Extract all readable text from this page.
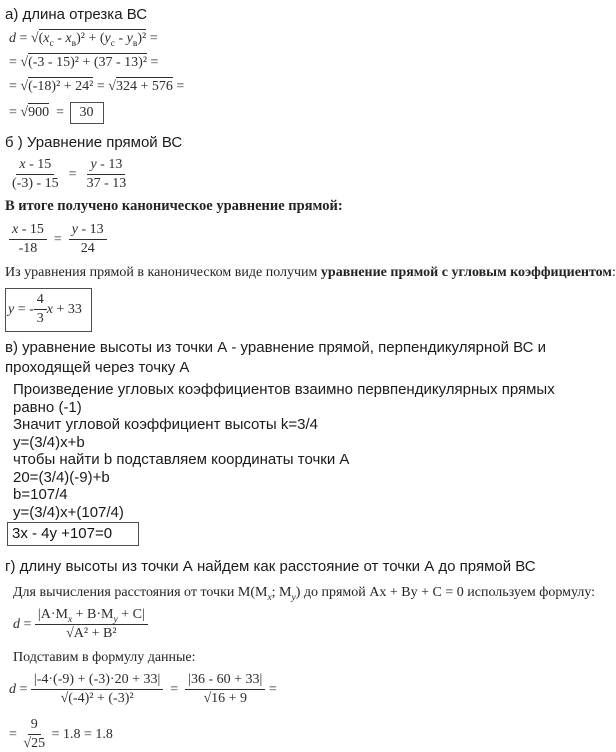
а) длина отрезка ВС
$d = √(x_с - x_в)^2 + (y_с - y_в)^2$ =
= √(-3 - 15)² + (37 - 13)² =
= √(-18)² + 24² = √324 + 576 =
= √900  = 30
б ) Уравнение прямой ВС
$\frac{x - 15}{(-3) - 15} = \frac{y - 13}{37 - 13}$
В итоге получено каноническое уравнение прямой:
$\frac{x - 15}{-18} = \frac{y - 13}{24}$
Из уравнения прямой в каноническом виде получим уравнение прямой с угловым коэффициентом:
y = - $\frac{4}{3}$ x + 33
в) уравнение высоты из точки А - уравнение прямой, перпендикулярной ВС и проходящей через точку А
Произведение угловых коэффициентов взаимно первпендикулярных прямых равно (-1)
Значит угловой коэффициент высоты k=3/4
y=(3/4)x+b
чтобы найти b подставляем координаты точки А
20=(3/4)(-9)+b
b=107/4
y=(3/4)x+(107/4)
3x - 4y +107=0
г) длину высоты из точки А найдем как расстояние от точки А до прямой ВС
Для вычисления расстояния от точки $M(M_x$; $M_y$) до прямой Ax + By + C = 0 используем формулу:
$d = \frac{|A\cdot M_x + B\cdot M_y + C|}{\text{√A² + B²}}$
Подставим в формулу данные:
$d = \frac{|-4\cdot(-9) + (-3)\cdot 20 + 33|}{\text{√(-4)² + (-3)²}} = \frac{|36 - 60 + 33|}{√16 + 9}$ =
= $\frac{9}{√25} = 1.8 = 1.8$
